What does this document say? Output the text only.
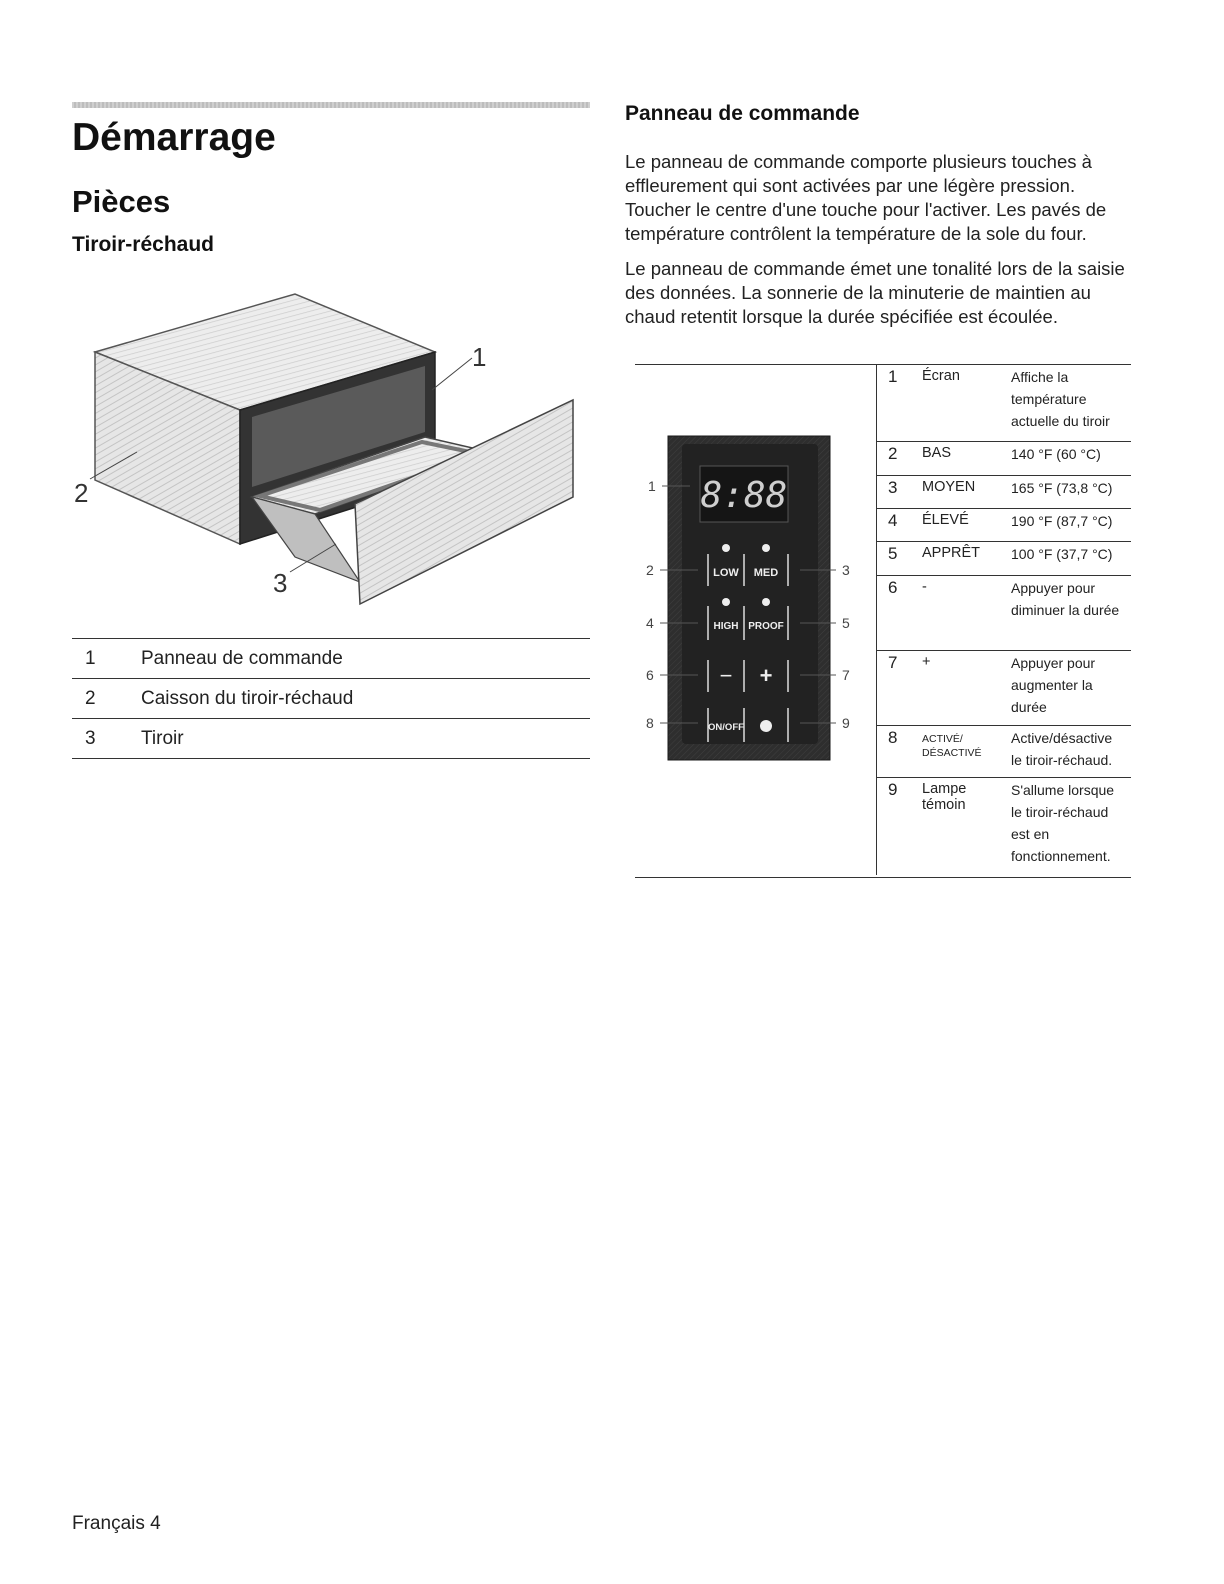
Démarrage
Pièces
Tiroir-réchaud
1
2
3
1	Panneau de commande
2	Caisson du tiroir-réchaud
3	Tiroir
Panneau de commande

Le panneau de commande comporte plusieurs touches à effleurement qui sont activées par une légère pression. Toucher le centre d'une touche pour l'activer. Les pavés de température contrôlent la température de la sole du four.

Le panneau de commande émet une tonalité lors de la saisie des données. La sonnerie de la minuterie de maintien au chaud retentit lorsque la durée spécifiée est écoulée.

8:88
LOW MED
HIGH PROOF
− +
ON/OFF
1
2	3
4	5
6	7
8	9
1	Écran	Affiche la température actuelle du tiroir
2	BAS	140 °F (60 °C)
3	MOYEN	165 °F (73,8 °C)
4	ÉLEVÉ	190 °F (87,7 °C)
5	APPRÊT	100 °F (37,7 °C)
6	-	Appuyer pour diminuer la durée
7	+	Appuyer pour augmenter la durée
8	ACTIVÉ/ DÉSACTIVÉ	Active/désactive le tiroir-réchaud.
9	Lampe témoin	S'allume lorsque le tiroir-réchaud est en fonctionnement.
Français 4
